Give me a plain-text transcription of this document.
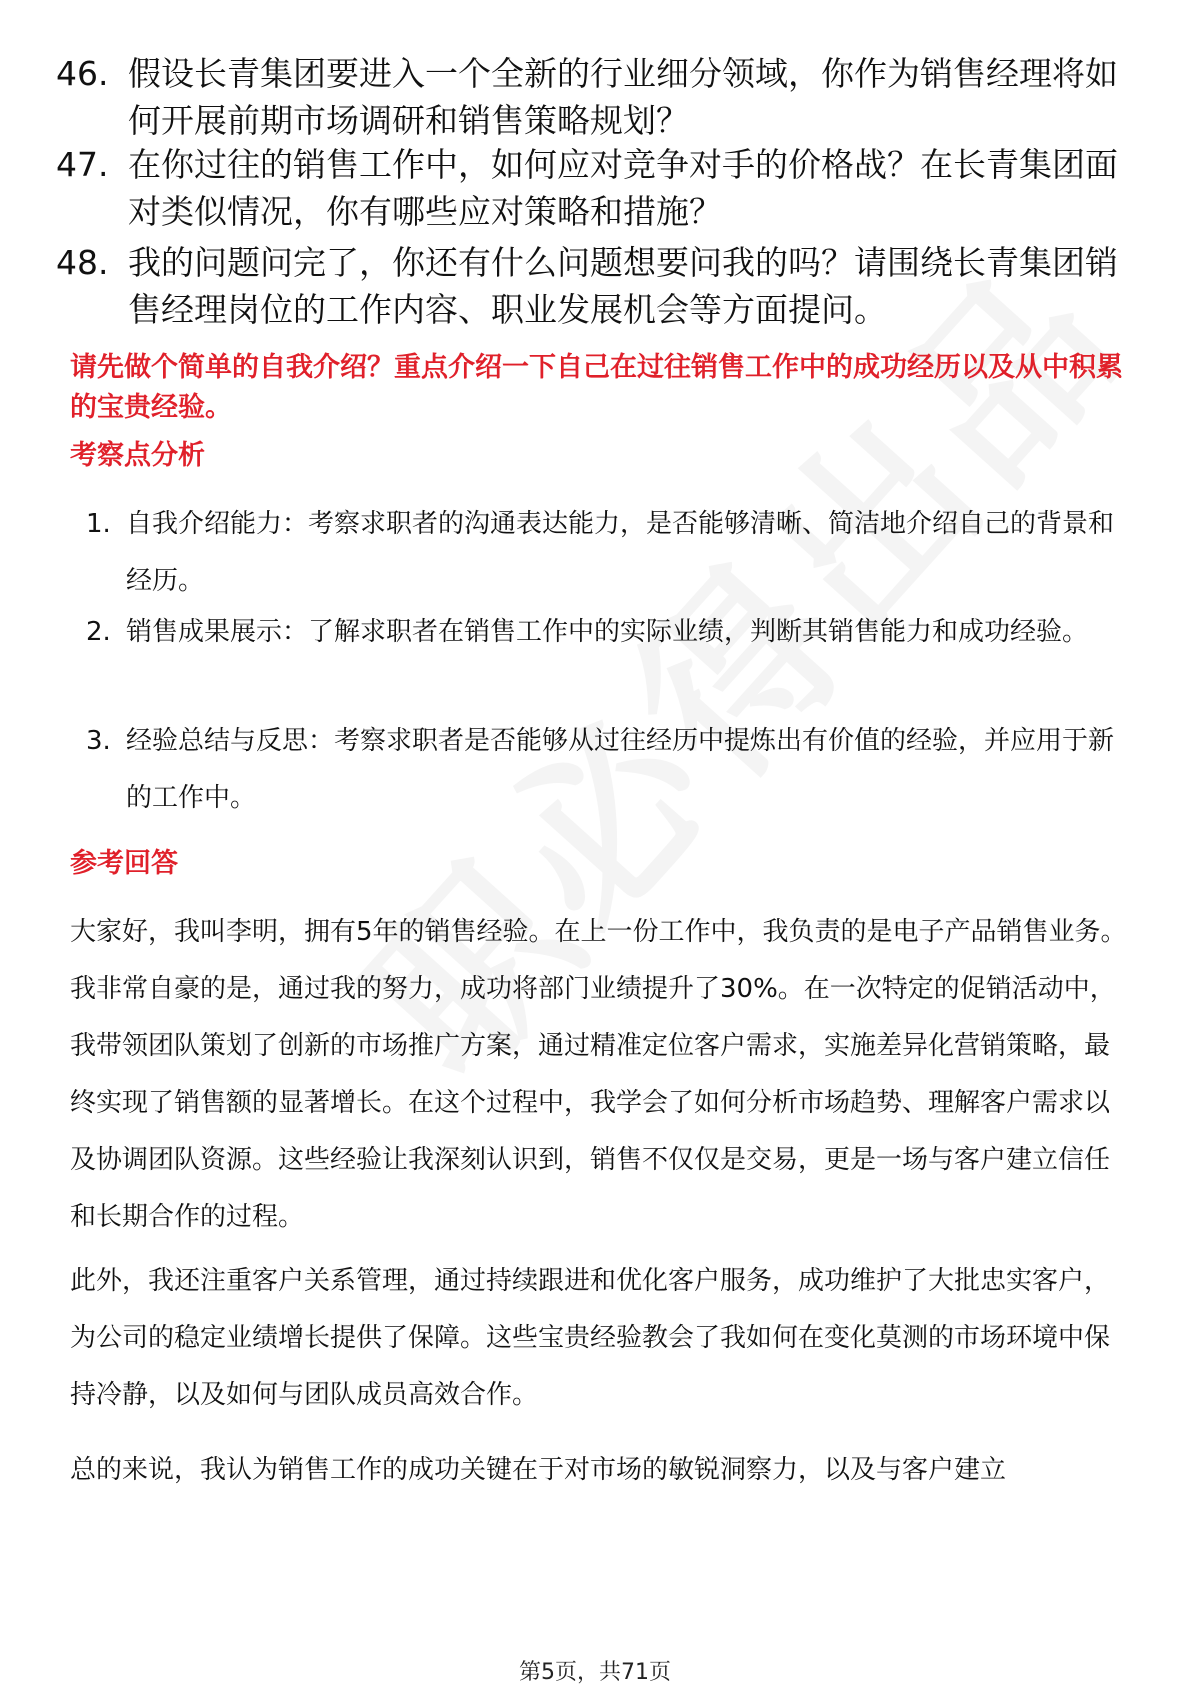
46. 假设长青集团要进入一个全新的行业细分领域，你作为销售经理将如何开展前期市场调研和销售策略规划？
47. 在你过往的销售工作中，如何应对竞争对手的价格战？在长青集团面对类似情况，你有哪些应对策略和措施？
48. 我的问题问完了，你还有什么问题想要问我的吗？请围绕长青集团销售经理岗位的工作内容、职业发展机会等方面提问。
请先做个简单的自我介绍？重点介绍一下自己在过往销售工作中的成功经历以及从中积累的宝贵经验。
考察点分析
1. 自我介绍能力：考察求职者的沟通表达能力，是否能够清晰、简洁地介绍自己的背景和经历。
2. 销售成果展示：了解求职者在销售工作中的实际业绩，判断其销售能力和成功经验。
3. 经验总结与反思：考察求职者是否能够从过往经历中提炼出有价值的经验，并应用于新的工作中。
参考回答
大家好，我叫李明，拥有5年的销售经验。在上一份工作中，我负责的是电子产品销售业务。我非常自豪的是，通过我的努力，成功将部门业绩提升了30%。在一次特定的促销活动中，我带领团队策划了创新的市场推广方案，通过精准定位客户需求，实施差异化营销策略，最终实现了销售额的显著增长。在这个过程中，我学会了如何分析市场趋势、理解客户需求以及协调团队资源。这些经验让我深刻认识到，销售不仅仅是交易，更是一场与客户建立信任和长期合作的过程。
此外，我还注重客户关系管理，通过持续跟进和优化客户服务，成功维护了大批忠实客户，为公司的稳定业绩增长提供了保障。这些宝贵经验教会了我如何在变化莫测的市场环境中保持冷静，以及如何与团队成员高效合作。
总的来说，我认为销售工作的成功关键在于对市场的敏锐洞察力，以及与客户建立
第5页，共71页
